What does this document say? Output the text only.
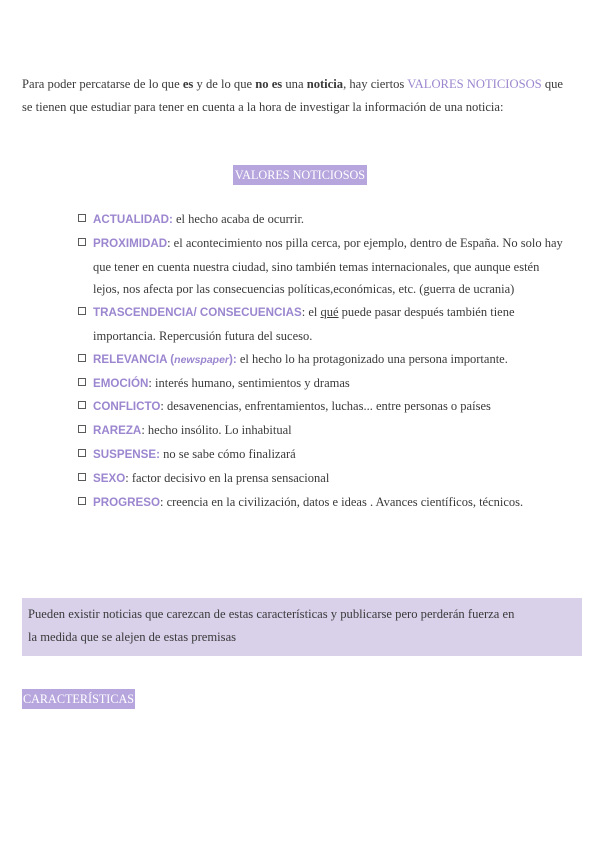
Para poder percatarse de lo que es y de lo que no es una noticia, hay ciertos VALORES NOTICIOSOS que se tienen que estudiar para tener en cuenta a la hora de investigar la información de una noticia:

VALORES NOTICIOSOS
ACTUALIDAD: el hecho acaba de ocurrir.
PROXIMIDAD: el acontecimiento nos pilla cerca, por ejemplo, dentro de España. No solo hay que tener en cuenta nuestra ciudad, sino también temas internacionales, que aunque estén lejos, nos afecta por las consecuencias políticas,económicas, etc. (guerra de ucrania)
TRASCENDENCIA/ CONSECUENCIAS: el qué puede pasar después también tiene importancia. Repercusión futura del suceso.
RELEVANCIA (newspaper): el hecho lo ha protagonizado una persona importante.
EMOCIÓN: interés humano, sentimientos y dramas
CONFLICTO: desavenencias, enfrentamientos, luchas... entre personas o países
RAREZA: hecho insólito. Lo inhabitual
SUSPENSE: no se sabe cómo finalizará
SEXO: factor decisivo en la prensa sensacional
PROGRESO: creencia en la civilización, datos e ideas . Avances científicos, técnicos.
Pueden existir noticias que carezcan de estas características y publicarse pero perderán fuerza en
la medida que se alejen de estas premisas
CARACTERÍSTICAS
